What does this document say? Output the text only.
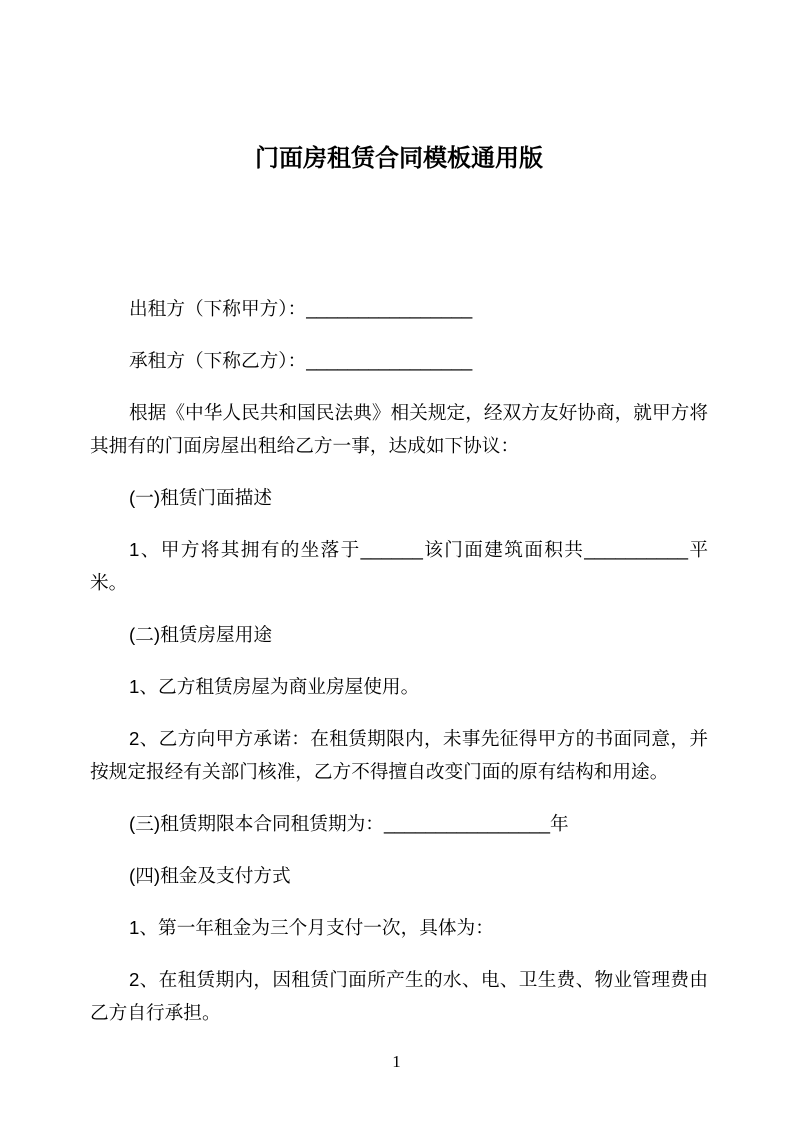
门面房租赁合同模板通用版

出租方（下称甲方）：________________

承租方（下称乙方）：________________

根据《中华人民共和国民法典》相关规定，经双方友好协商，就甲方将其拥有的门面房屋出租给乙方一事，达成如下协议：

(一)租赁门面描述

1、甲方将其拥有的坐落于______该门面建筑面积共__________平米。

(二)租赁房屋用途

1、乙方租赁房屋为商业房屋使用。

2、乙方向甲方承诺：在租赁期限内，未事先征得甲方的书面同意，并按规定报经有关部门核准，乙方不得擅自改变门面的原有结构和用途。

(三)租赁期限本合同租赁期为：________________年

(四)租金及支付方式

1、第一年租金为三个月支付一次，具体为：

2、在租赁期内，因租赁门面所产生的水、电、卫生费、物业管理费由乙方自行承担。

1
